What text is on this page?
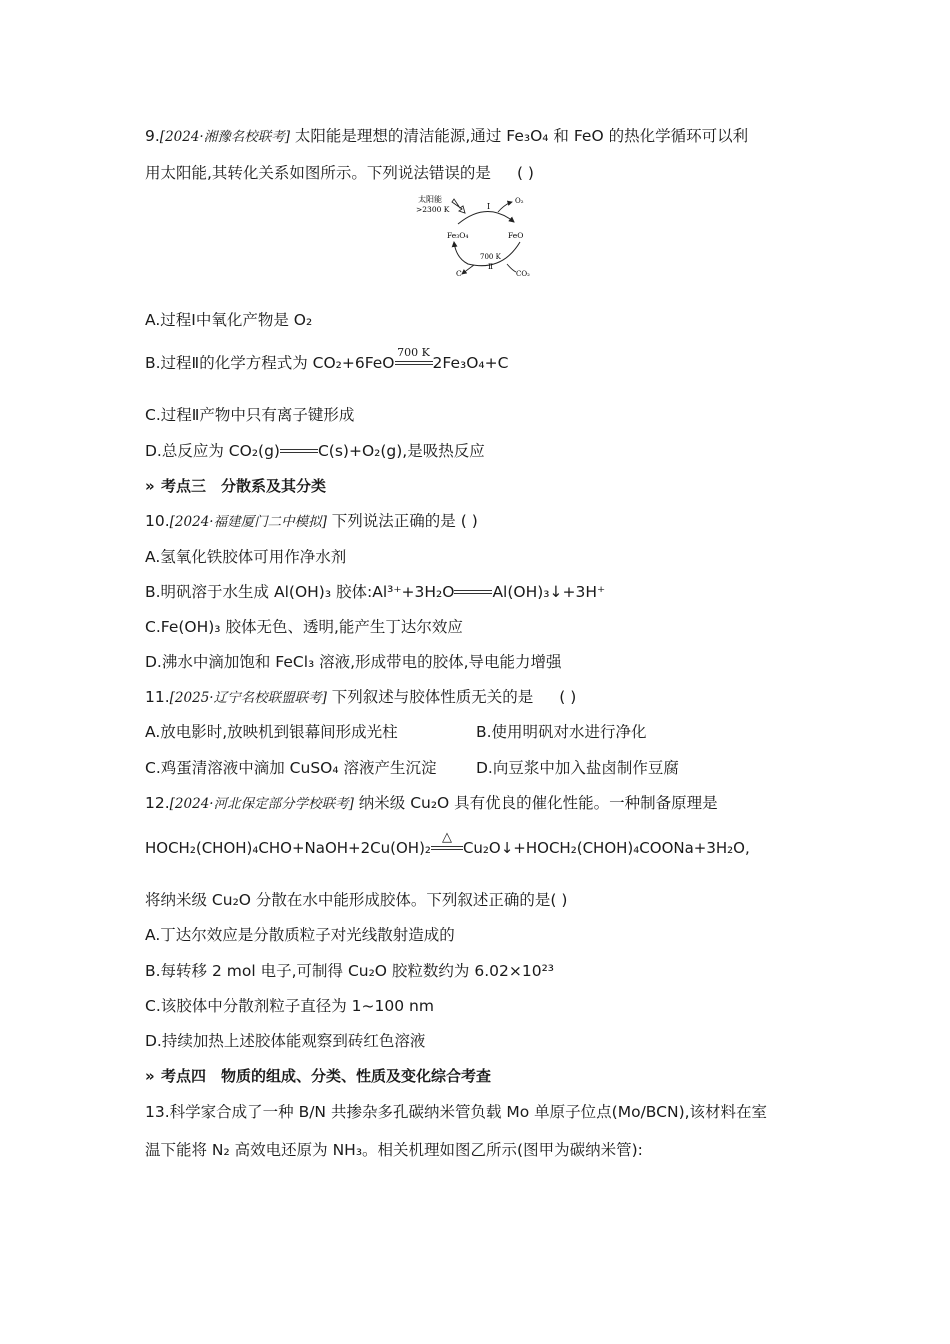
9.[2024·湘豫名校联考] 太阳能是理想的清洁能源,通过 Fe₃O₄ 和 FeO 的热化学循环可以利
用太阳能,其转化关系如图所示。下列说法错误的是 ( )
太阳能
>2300 K	Ⅰ
O₂
Fe₃O₄	FeO
700 K
Ⅱ
C	CO₂
A.过程Ⅰ中氧化产物是 O₂
B.过程Ⅱ的化学方程式为 CO₂+6FeO
700 K
2Fe₃O₄+C
C.过程Ⅱ产物中只有离子键形成
D.总反应为 CO₂(g) C(s)+O₂(g),是吸热反应
» 考点三　分散系及其分类
10.[2024·福建厦门二中模拟] 下列说法正确的是 ( )
A.氢氧化铁胶体可用作净水剂
B.明矾溶于水生成 Al(OH)₃ 胶体:Al³⁺+3H₂O Al(OH)₃↓+3H⁺
C.Fe(OH)₃ 胶体无色、透明,能产生丁达尔效应
D.沸水中滴加饱和 FeCl₃ 溶液,形成带电的胶体,导电能力增强
11.[2025·辽宁名校联盟联考] 下列叙述与胶体性质无关的是 ( )
A.放电影时,放映机到银幕间形成光柱	B.使用明矾对水进行净化
C.鸡蛋清溶液中滴加 CuSO₄ 溶液产生沉淀	D.向豆浆中加入盐卤制作豆腐
12.[2024·河北保定部分学校联考] 纳米级 Cu₂O 具有优良的催化性能。一种制备原理是
HOCH₂(CHOH)₄CHO+NaOH+2Cu(OH)₂
△
Cu₂O↓+HOCH₂(CHOH)₄COONa+3H₂O,
将纳米级 Cu₂O 分散在水中能形成胶体。下列叙述正确的是( )
A.丁达尔效应是分散质粒子对光线散射造成的
B.每转移 2 mol 电子,可制得 Cu₂O 胶粒数约为 6.02×10²³
C.该胶体中分散剂粒子直径为 1~100 nm
D.持续加热上述胶体能观察到砖红色溶液
» 考点四　物质的组成、分类、性质及变化综合考查
13.科学家合成了一种 B/N 共掺杂多孔碳纳米管负载 Mo 单原子位点(Mo/BCN),该材料在室
温下能将 N₂ 高效电还原为 NH₃。相关机理如图乙所示(图甲为碳纳米管):
